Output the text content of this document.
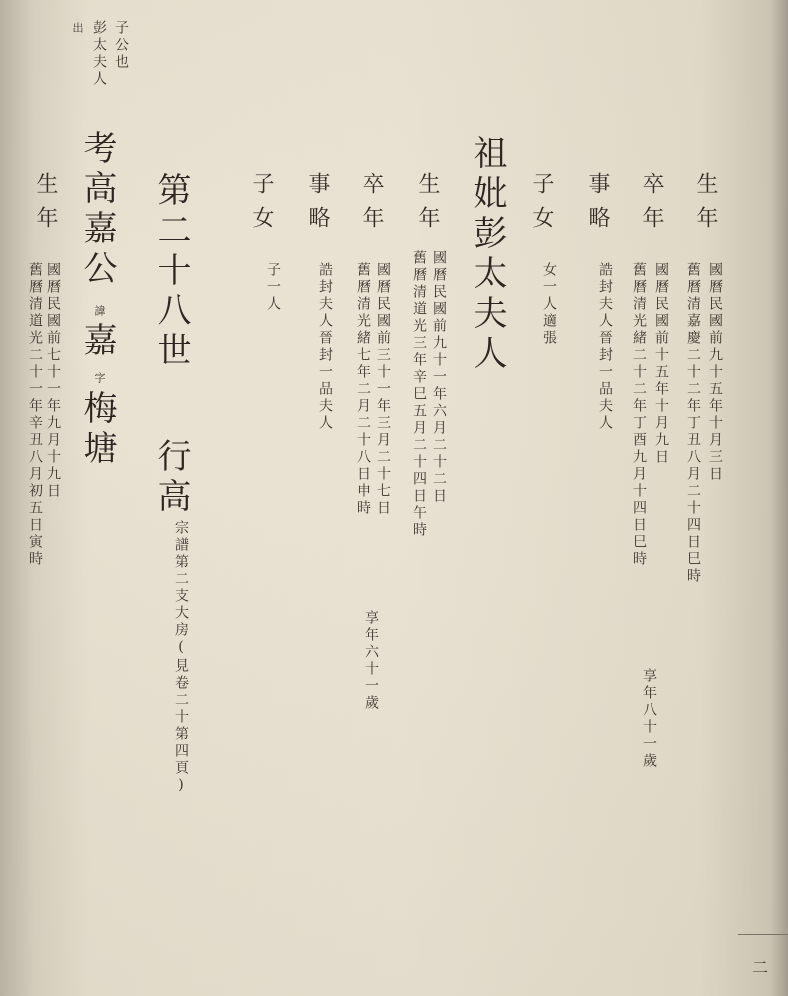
子公也
彭太夫人
出
考高嘉公
諱
嘉
字
梅塘
生年
國曆民國前七十一年九月十九日
舊曆清道光二十一年辛丑八月初五日寅時	第二十八世
行
高
宗譜第二支大房(見卷二十第四頁)
子女
子一人
事略
誥封夫人晉封一品夫人
卒年
國曆民國前三十一年三月二十七日
舊曆清光緒七年二月二十八日申時
享年六十一歲
生年
國曆民國前九十一年六月二十二日
舊曆清道光三年辛巳五月二十四日午時 祖妣彭太夫人 子女
女一人適張
事略
誥封夫人晉封一品夫人
卒年
國曆民國前十五年十月九日
舊曆清光緒二十二年丁酉九月十四日巳時
享年八十一歲
生年
國曆民國前九十五年十月三日
舊曆清嘉慶二十二年丁丑八月二十四日巳時
二
